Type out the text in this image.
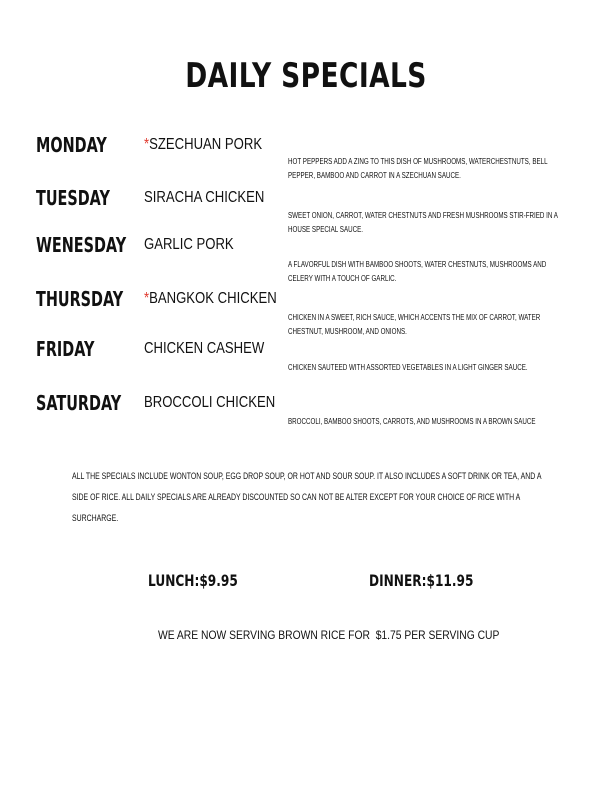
DAILY SPECIALS
MONDAY *SZECHUAN PORK
HOT PEPPERS ADD A ZING TO THIS DISH OF MUSHROOMS, WATERCHESTNUTS, BELL PEPPER, BAMBOO AND CARROT IN A SZECHUAN SAUCE.
TUESDAY SIRACHA CHICKEN
SWEET ONION, CARROT, WATER CHESTNUTS AND FRESH MUSHROOMS STIR-FRIED IN A HOUSE SPECIAL SAUCE.
WENESDAY GARLIC PORK
A FLAVORFUL DISH WITH BAMBOO SHOOTS, WATER CHESTNUTS, MUSHROOMS AND CELERY WITH A TOUCH OF GARLIC.
THURSDAY *BANGKOK CHICKEN
CHICKEN IN A SWEET, RICH SAUCE, WHICH ACCENTS THE MIX OF CARROT, WATER CHESTNUT, MUSHROOM, AND ONIONS.
FRIDAY	CHICKEN CASHEW
CHICKEN SAUTEED WITH ASSORTED VEGETABLES IN A LIGHT GINGER SAUCE.
SATURDAY BROCCOLI CHICKEN
BROCCOLI, BAMBOO SHOOTS, CARROTS, AND MUSHROOMS IN A BROWN SAUCE
ALL THE SPECIALS INCLUDE WONTON SOUP, EGG DROP SOUP, OR HOT AND SOUR SOUP. IT ALSO INCLUDES A SOFT DRINK OR TEA, AND A SIDE OF RICE. ALL DAILY SPECIALS ARE ALREADY DISCOUNTED SO CAN NOT BE ALTER EXCEPT FOR YOUR CHOICE OF RICE WITH A SURCHARGE.
LUNCH:$9.95	DINNER:$11.95
WE ARE NOW SERVING BROWN RICE FOR  $1.75 PER SERVING CUP
